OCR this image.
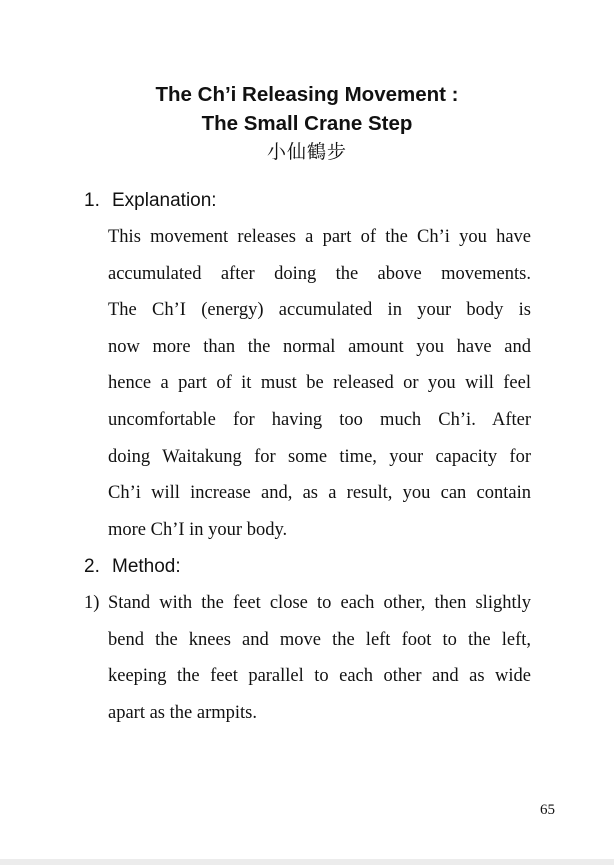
The Ch’i Releasing Movement :
The Small Crane Step
小仙鶴步
1. Explanation:

This movement releases a part of the Ch’i you have
accumulated after doing the above movements.
The Ch’I (energy) accumulated in your body is
now more than the normal amount you have and
hence a part of it must be released or you will feel
uncomfortable for having too much Ch’i. After
doing Waitakung for some time, your capacity for
Ch’i will increase and, as a result, you can contain
more Ch’I in your body.

2. Method:
1) Stand with the feet close to each other, then slightly
bend the knees and move the left foot to the left,
keeping the feet parallel to each other and as wide
apart as the armpits.

65
